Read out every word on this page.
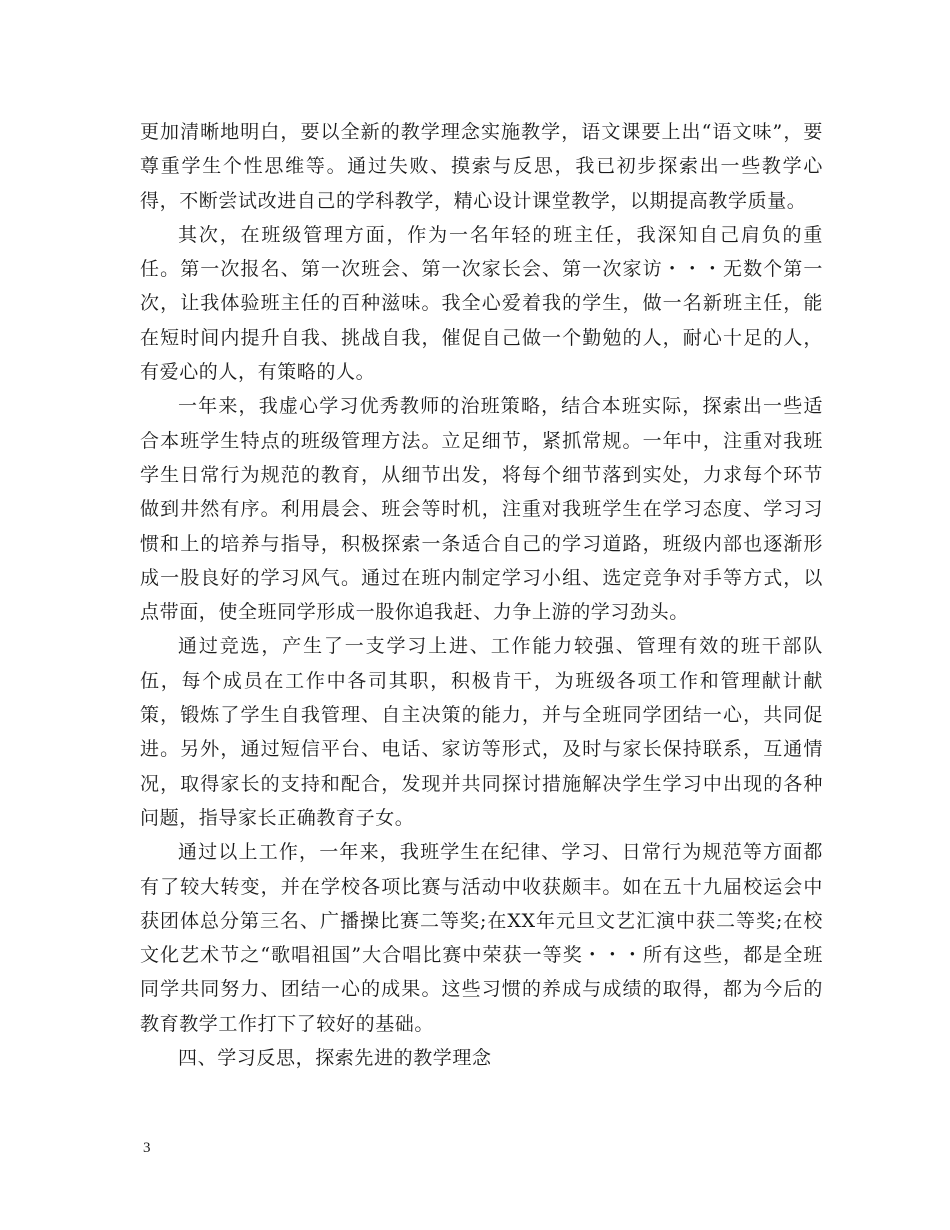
更加清晰地明白，要以全新的教学理念实施教学，语文课要上出“语文味”，要尊重学生个性思维等。通过失败、摸索与反思，我已初步探索出一些教学心得，不断尝试改进自己的学科教学，精心设计课堂教学，以期提高教学质量。

其次，在班级管理方面，作为一名年轻的班主任，我深知自己肩负的重任。第一次报名、第一次班会、第一次家长会、第一次家访・・・无数个第一次，让我体验班主任的百种滋味。我全心爱着我的学生，做一名新班主任，能在短时间内提升自我、挑战自我，催促自己做一个勤勉的人，耐心十足的人，有爱心的人，有策略的人。

一年来，我虚心学习优秀教师的治班策略，结合本班实际，探索出一些适合本班学生特点的班级管理方法。立足细节，紧抓常规。一年中，注重对我班学生日常行为规范的教育，从细节出发，将每个细节落到实处，力求每个环节做到井然有序。利用晨会、班会等时机，注重对我班学生在学习态度、学习习惯和上的培养与指导，积极探索一条适合自己的学习道路，班级内部也逐渐形成一股良好的学习风气。通过在班内制定学习小组、选定竞争对手等方式，以点带面，使全班同学形成一股你追我赶、力争上游的学习劲头。

通过竞选，产生了一支学习上进、工作能力较强、管理有效的班干部队伍，每个成员在工作中各司其职，积极肯干，为班级各项工作和管理献计献策，锻炼了学生自我管理、自主决策的能力，并与全班同学团结一心，共同促进。另外，通过短信平台、电话、家访等形式，及时与家长保持联系，互通情况，取得家长的支持和配合，发现并共同探讨措施解决学生学习中出现的各种问题，指导家长正确教育子女。

通过以上工作，一年来，我班学生在纪律、学习、日常行为规范等方面都有了较大转变，并在学校各项比赛与活动中收获颇丰。如在五十九届校运会中获团体总分第三名、广播操比赛二等奖;在XX年元旦文艺汇演中获二等奖;在校文化艺术节之“歌唱祖国”大合唱比赛中荣获一等奖・・・所有这些，都是全班同学共同努力、团结一心的成果。这些习惯的养成与成绩的取得，都为今后的教育教学工作打下了较好的基础。

四、学习反思，探索先进的教学理念

3
